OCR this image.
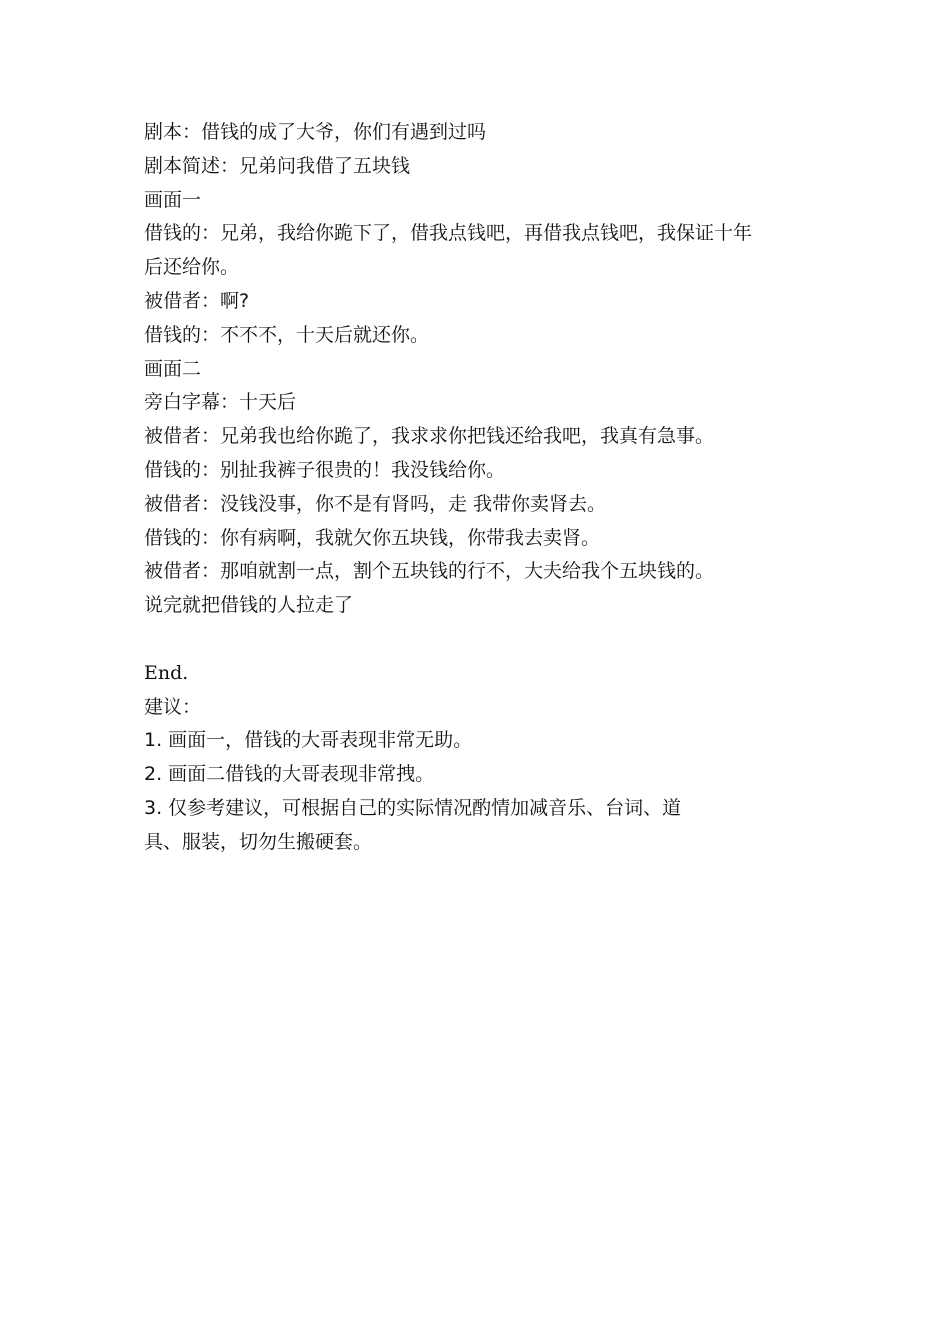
剧本：借钱的成了大爷，你们有遇到过吗

剧本简述：兄弟问我借了五块钱

画面一

借钱的：兄弟，我给你跪下了，借我点钱吧，再借我点钱吧，我保证十年

后还给你。

被借者：啊?

借钱的：不不不，十天后就还你。

画面二

旁白字幕：十天后

被借者：兄弟我也给你跪了，我求求你把钱还给我吧，我真有急事。

借钱的：别扯我裤子很贵的！我没钱给你。

被借者：没钱没事，你不是有肾吗，走 我带你卖肾去。

借钱的：你有病啊，我就欠你五块钱，你带我去卖肾。

被借者：那咱就割一点，割个五块钱的行不，大夫给我个五块钱的。

说完就把借钱的人拉走了

End.

建议：

1. 画面一，借钱的大哥表现非常无助。

2. 画面二借钱的大哥表现非常拽。

3. 仅参考建议，可根据自己的实际情况酌情加减音乐、台词、道

具、服装，切勿生搬硬套。
